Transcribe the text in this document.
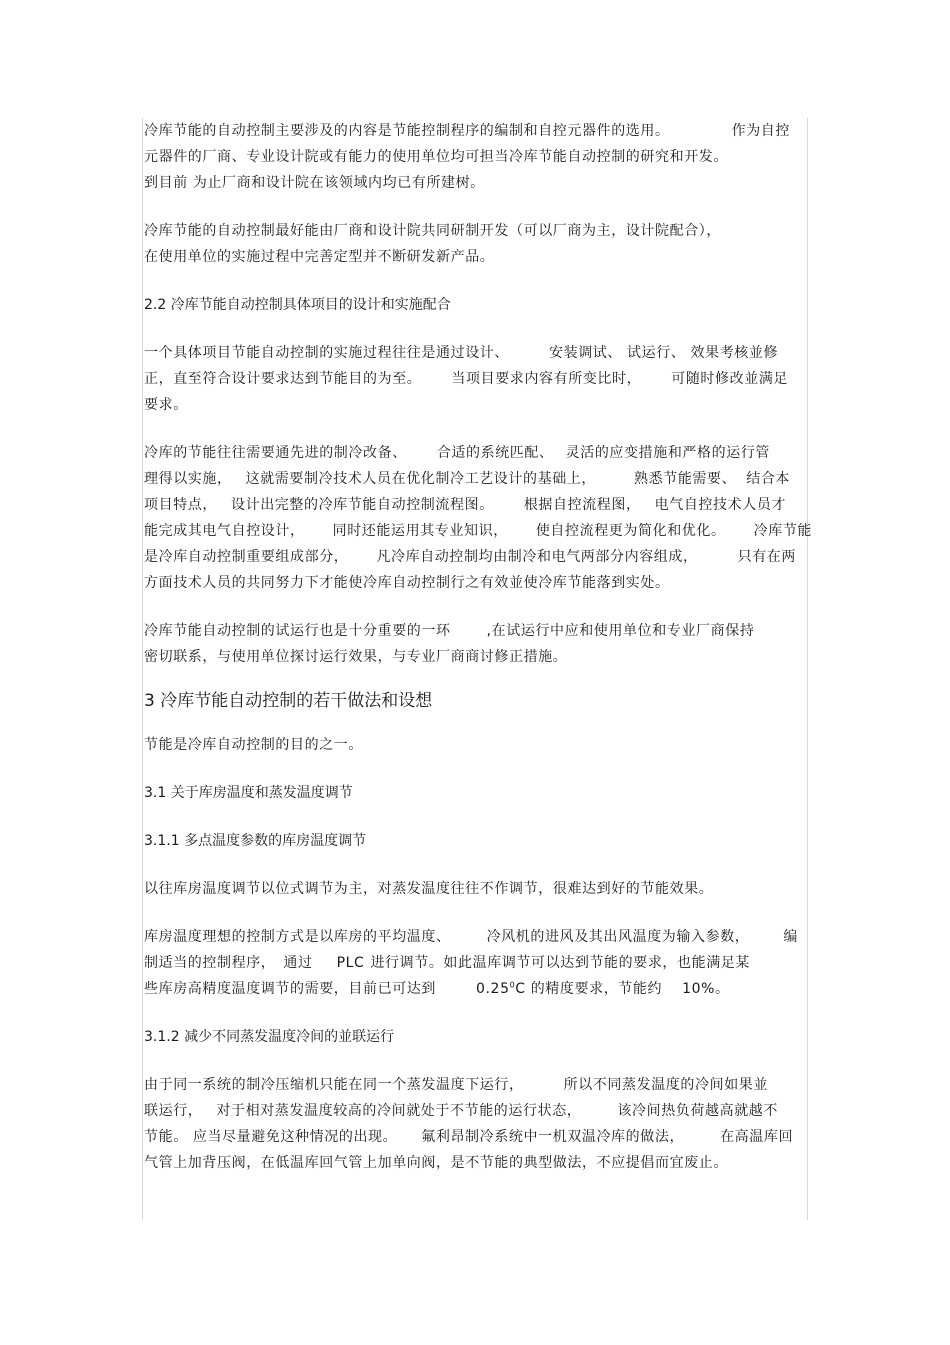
冷库节能的自动控制主要涉及的内容是节能控制程序的编制和自控元器件的选用。	作为自控
元器件的厂商、专业设计院或有能力的使用单位均可担当冷库节能自动控制的研究和开发。
到目前 为止厂商和设计院在该领域内均已有所建树。
冷库节能的自动控制最好能由厂商和设计院共同研制开发（可以厂商为主，设计院配合），
在使用单位的实施过程中完善定型并不断研发新产品。
2.2 冷库节能自动控制具体项目的设计和实施配合
一个具体项目节能自动控制的实施过程往往是通过设计、	安装调试、 试运行、 效果考核並修
正，直至符合设计要求达到节能目的为至。 当项目要求内容有所变比时， 可随时修改並满足
要求。
冷库的节能往往需要通先进的制冷改备、 合适的系统匹配、 灵活的应变措施和严格的运行管
理得以实施， 这就需要制冷技术人员在优化制冷工艺设计的基础上，	熟悉节能需要、 结合本
项目特点， 设计出完整的冷库节能自动控制流程图。 根据自控流程图， 电气自控技术人员才
能完成其电气自控设计， 同时还能运用其专业知识， 使自控流程更为简化和优化。 冷库节能
是冷库自动控制重要组成部分， 凡冷库自动控制均由制冷和电气两部分内容组成，	只有在两
方面技术人员的共同努力下才能使冷库自动控制行之有效並使冷库节能落到实处。
冷库节能自动控制的试运行也是十分重要的一环	,在试运行中应和使用单位和专业厂商保持
密切联系，与使用单位探讨运行效果，与专业厂商商讨修正措施。
3 冷库节能自动控制的若干做法和设想
节能是冷库自动控制的目的之一。
3.1 关于库房温度和蒸发温度调节
3.1.1 多点温度参数的库房温度调节
以往库房温度调节以位式调节为主，对蒸发温度往往不作调节，很难达到好的节能效果。
库房温度理想的控制方式是以库房的平均温度、	冷风机的进风及其出风温度为输入参数， 编
制适当的控制程序， 通过 PLC 进行调节。如此温库调节可以达到节能的要求，也能满足某
些库房高精度温度调节的需要，目前已可达到	0.25$^0$C 的精度要求，节能约 10%。
3.1.2 减少不同蒸发温度冷间的並联运行
由于同一系统的制冷压缩机只能在同一个蒸发温度下运行，	所以不同蒸发温度的冷间如果並
联运行， 对于相对蒸发温度较高的冷间就处于不节能的运行状态，	该冷间热负荷越高就越不
节能。 应当尽量避免这种情况的出现。 氟利昂制冷系统中一机双温冷库的做法，	在高温库回
气管上加背压阀，在低温库回气管上加单向阀，是不节能的典型做法，不应提倡而宜废止。
